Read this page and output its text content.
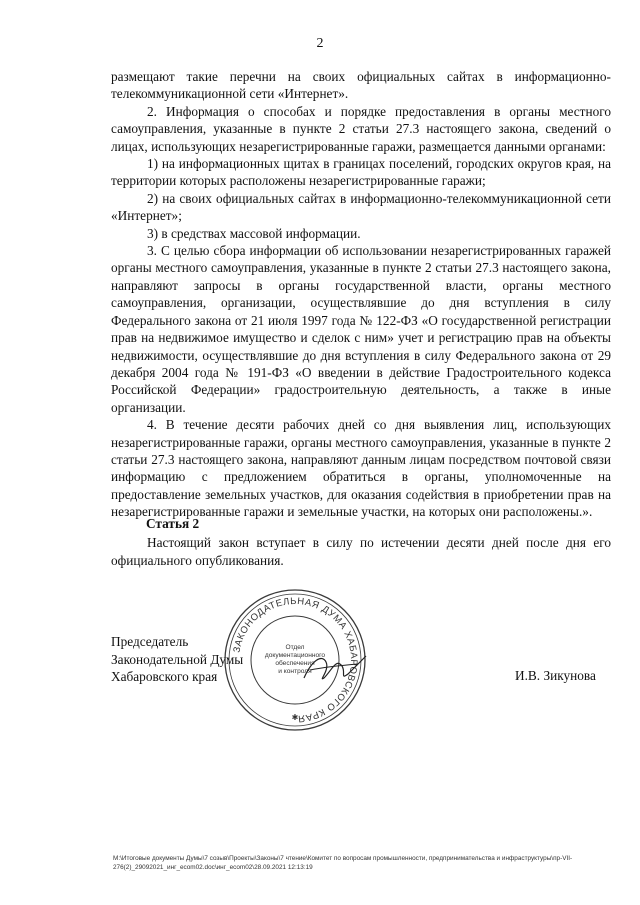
2

размещают такие перечни на своих официальных сайтах в информационно-телекоммуникационной сети «Интернет».

2. Информация о способах и порядке предоставления в органы местного самоуправления, указанные в пункте 2 статьи 27.3 настоящего закона, сведений о лицах, использующих незарегистрированные гаражи, размещается данными органами:

1) на информационных щитах в границах поселений, городских округов края, на территории которых расположены незарегистрированные гаражи;

2) на своих официальных сайтах в информационно-телекоммуникационной сети «Интернет»;

3) в средствах массовой информации.

3. С целью сбора информации об использовании незарегистрированных гаражей органы местного самоуправления, указанные в пункте 2 статьи 27.3 настоящего закона, направляют запросы в органы государственной власти, органы местного самоуправления, организации, осуществлявшие до дня вступления в силу Федерального закона от 21 июля 1997 года № 122-ФЗ «О государственной регистрации прав на недвижимое имущество и сделок с ним» учет и регистрацию прав на объекты недвижимости, осуществлявшие до дня вступления в силу Федерального закона от 29 декабря 2004 года № 191-ФЗ «О введении в действие Градостроительного кодекса Российской Федерации» градостроительную деятельность, а также в иные организации.

4. В течение десяти рабочих дней со дня выявления лиц, использующих незарегистрированные гаражи, органы местного самоуправления, указанные в пункте 2 статьи 27.3 настоящего закона, направляют данным лицам посредством почтовой связи информацию с предложением обратиться в органы, уполномоченные на предоставление земельных участков, для оказания содействия в приобретении прав на незарегистрированные гаражи и земельные участки, на которых они расположены.».

Статья 2
Настоящий закон вступает в силу по истечении десяти дней после дня его официального опубликования.
Председатель
Законодательной Думы
Хабаровского края
ЗАКОНОДАТЕЛЬНАЯ ДУМА ХАБАРОВСКОГО КРАЯ
Отдел
документационного
обеспечения
и контроля
✱
И.В. Зикунова
M:\Итоговые документы Думы\7 созыв\Проекты\Законы\7 чтение\Комитет по вопросам промышленности, предпринимательства и инфраструктуры\пр-VII-276(2)_29092021_инг_ecom02.doc\инг_ecom02\28.09.2021 12:13:19
